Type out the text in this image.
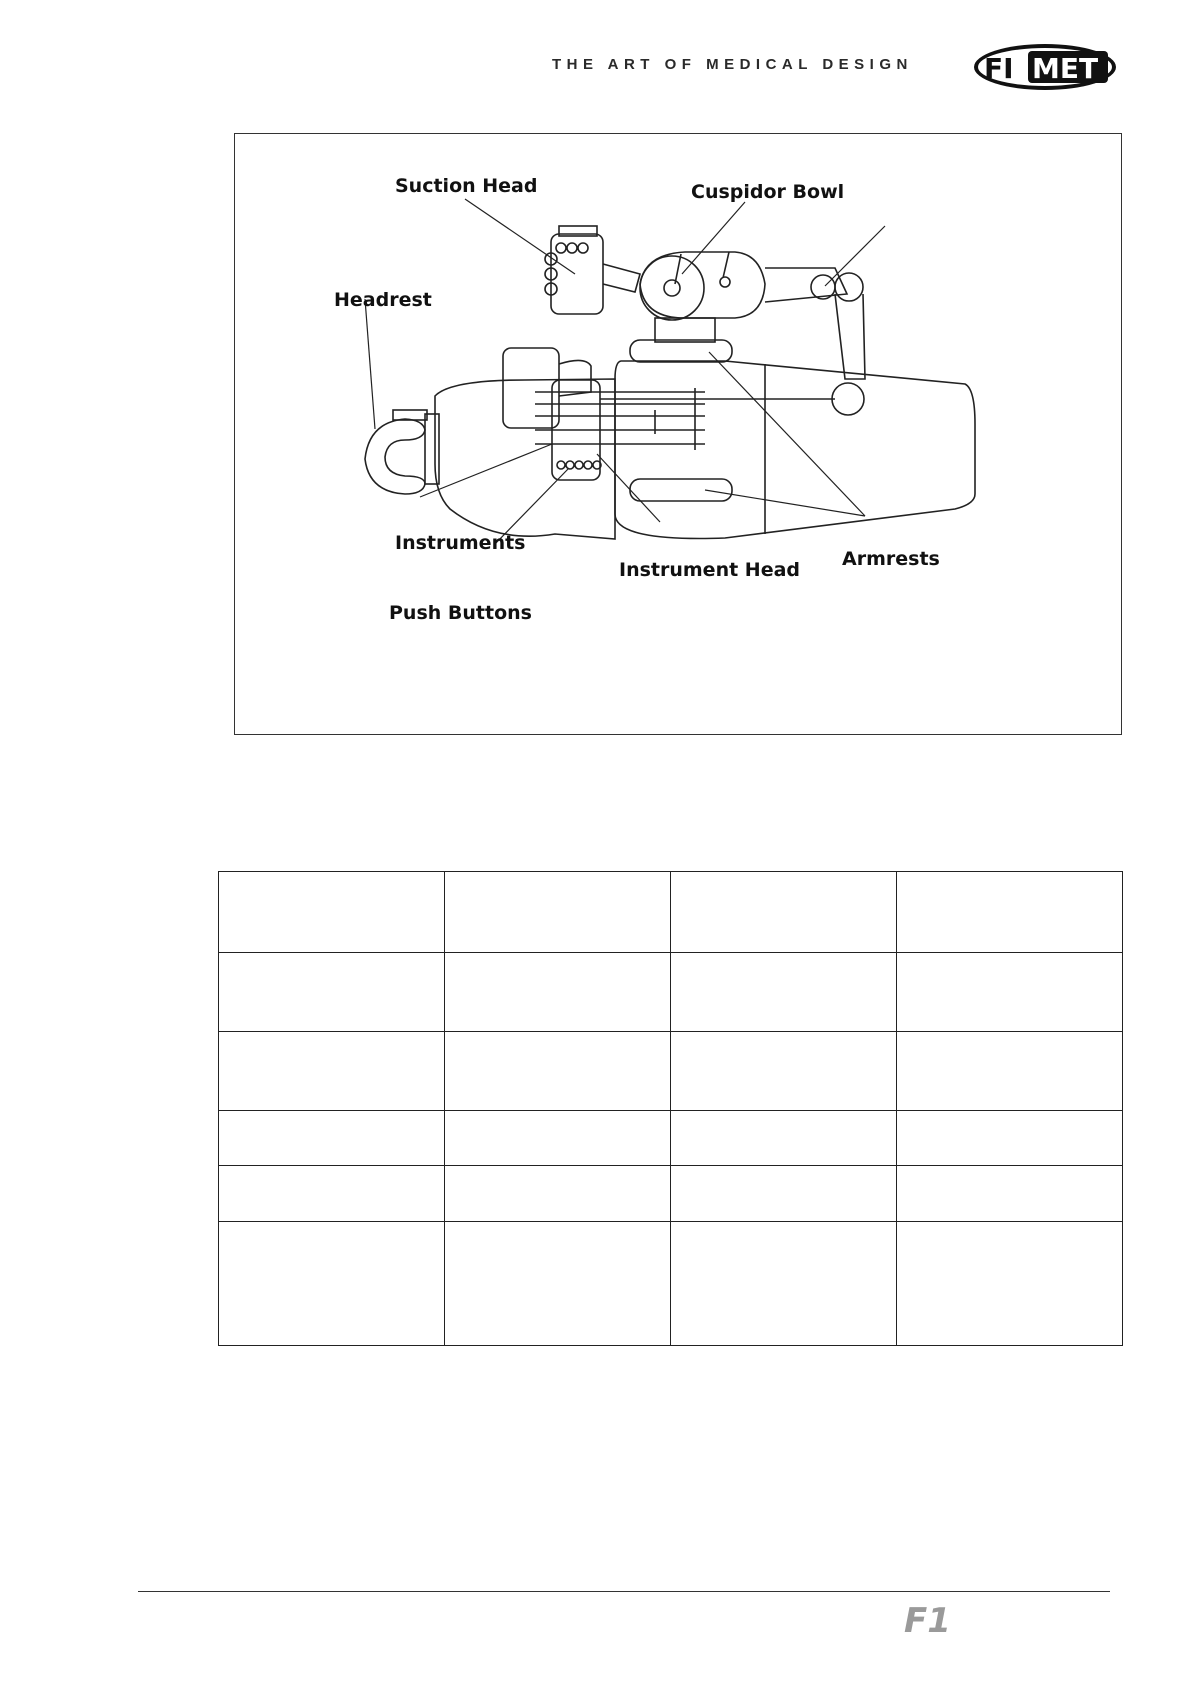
THE ART OF MEDICAL DESIGN	FI MET
Suction Head	Cuspidor Bowl
Headrest
Instruments
Instrument Head Armrests
Push Buttons

F1
